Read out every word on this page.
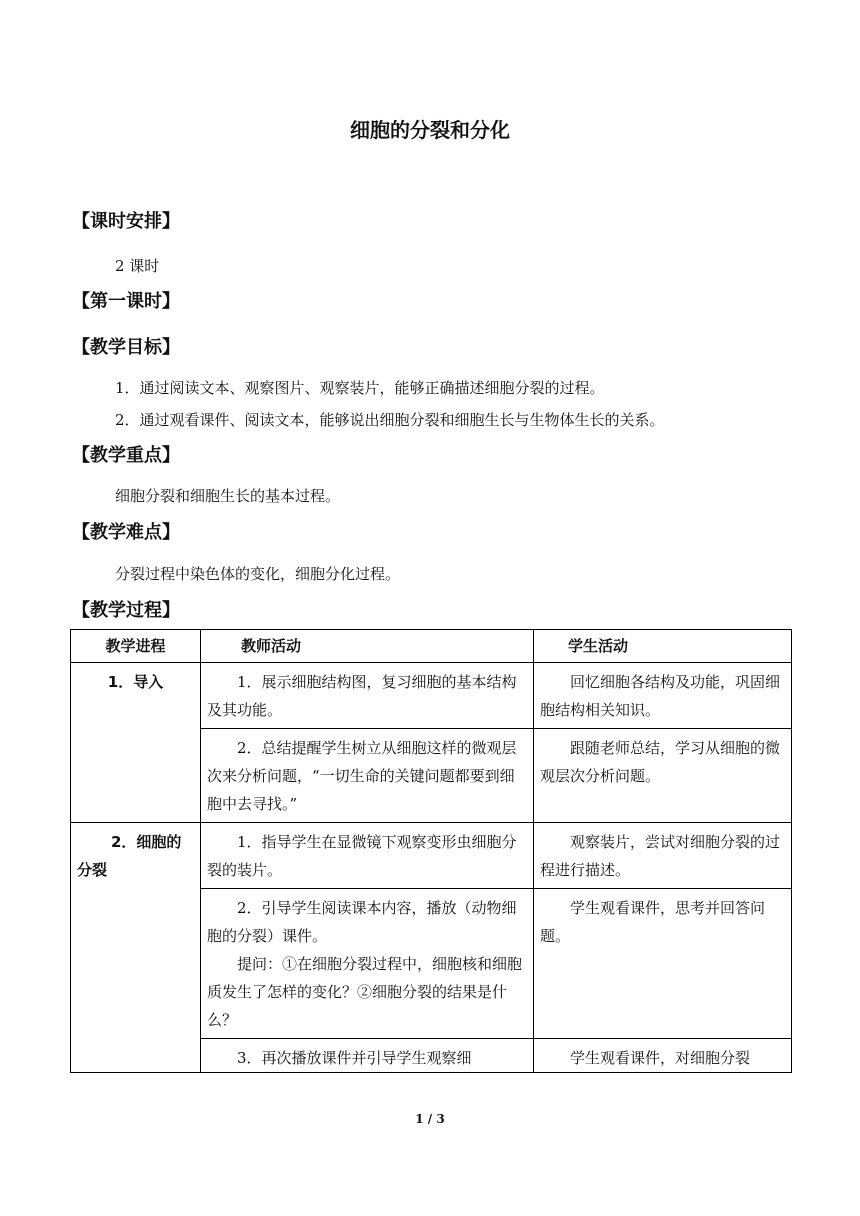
细胞的分裂和分化
【课时安排】
2 课时
【第一课时】
【教学目标】
1．通过阅读文本、观察图片、观察装片，能够正确描述细胞分裂的过程。
2．通过观看课件、阅读文本，能够说出细胞分裂和细胞生长与生物体生长的关系。
【教学重点】
细胞分裂和细胞生长的基本过程。
【教学难点】
分裂过程中染色体的变化，细胞分化过程。
【教学过程】
教学进程	教师活动	学生活动
1．导入	1．展示细胞结构图，复习细胞的基本结构及其功能。	回忆细胞各结构及功能，巩固细胞结构相关知识。

	2．总结提醒学生树立从细胞这样的微观层次来分析问题，“一切生命的关键问题都要到细胞中去寻找。”	跟随老师总结，学习从细胞的微观层次分析问题。

2．细胞的
分裂	1．指导学生在显微镜下观察变形虫细胞分裂的装片。	观察装片，尝试对细胞分裂的过程进行描述。

	2．引导学生阅读课本内容，播放（动物细胞的分裂）课件。
提问：①在细胞分裂过程中，细胞核和细胞质发生了怎样的变化？②细胞分裂的结果是什么？	学生观看课件，思考并回答问题。

	3．再次播放课件并引导学生观察细	学生观看课件，对细胞分裂
1 / 3
